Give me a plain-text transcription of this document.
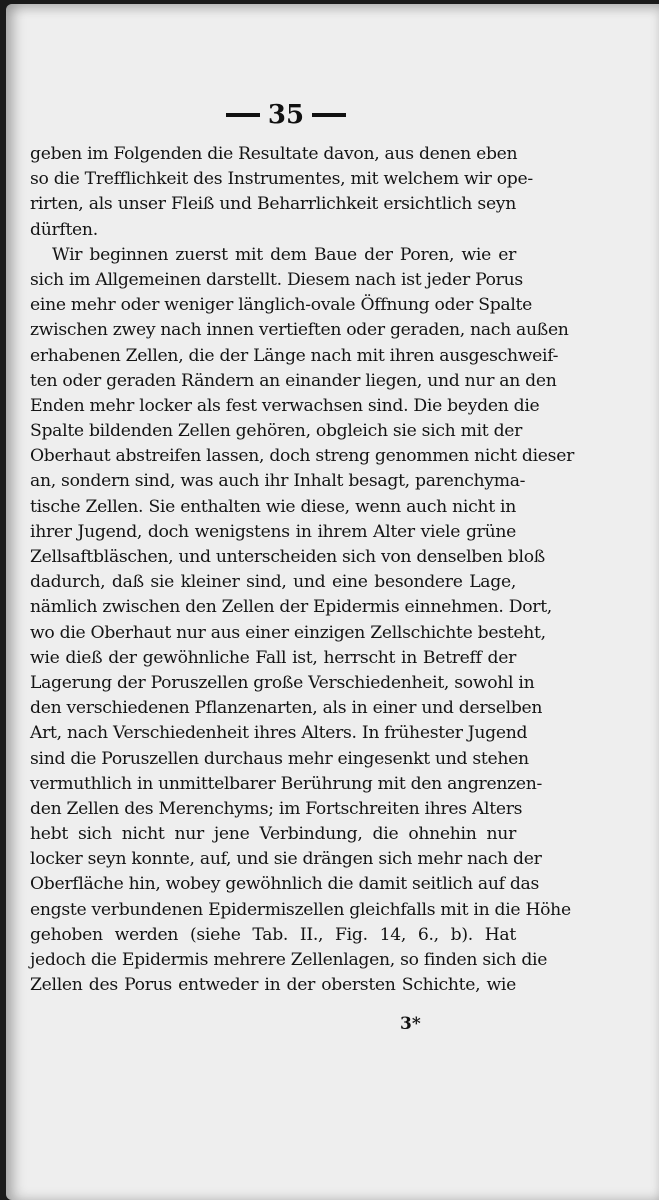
35
geben im Folgenden die Resultate davon, aus denen eben
so die Trefflichkeit des Instrumentes, mit welchem wir ope-
rirten, als unser Fleiß und Beharrlichkeit ersichtlich seyn
dürften.
Wir beginnen zuerst mit dem Baue der Poren, wie er
sich im Allgemeinen darstellt. Diesem nach ist jeder Porus
eine mehr oder weniger länglich-ovale Öffnung oder Spalte
zwischen zwey nach innen vertieften oder geraden, nach außen
erhabenen Zellen, die der Länge nach mit ihren ausgeschweif-
ten oder geraden Rändern an einander liegen, und nur an den
Enden mehr locker als fest verwachsen sind. Die beyden die
Spalte bildenden Zellen gehören, obgleich sie sich mit der
Oberhaut abstreifen lassen, doch streng genommen nicht dieser
an, sondern sind, was auch ihr Inhalt besagt, parenchyma-
tische Zellen. Sie enthalten wie diese, wenn auch nicht in
ihrer Jugend, doch wenigstens in ihrem Alter viele grüne
Zellsaftbläschen, und unterscheiden sich von denselben bloß
dadurch, daß sie kleiner sind, und eine besondere Lage,
nämlich zwischen den Zellen der Epidermis einnehmen. Dort,
wo die Oberhaut nur aus einer einzigen Zellschichte besteht,
wie dieß der gewöhnliche Fall ist, herrscht in Betreff der
Lagerung der Poruszellen große Verschiedenheit, sowohl in
den verschiedenen Pflanzenarten, als in einer und derselben
Art, nach Verschiedenheit ihres Alters. In frühester Jugend
sind die Poruszellen durchaus mehr eingesenkt und stehen
vermuthlich in unmittelbarer Berührung mit den angrenzen-
den Zellen des Merenchyms; im Fortschreiten ihres Alters
hebt sich nicht nur jene Verbindung, die ohnehin nur
locker seyn konnte, auf, und sie drängen sich mehr nach der
Oberfläche hin, wobey gewöhnlich die damit seitlich auf das
engste verbundenen Epidermiszellen gleichfalls mit in die Höhe
gehoben werden (siehe Tab. II., Fig. 14, 6., b). Hat
jedoch die Epidermis mehrere Zellenlagen, so finden sich die
Zellen des Porus entweder in der obersten Schichte, wie
3*
